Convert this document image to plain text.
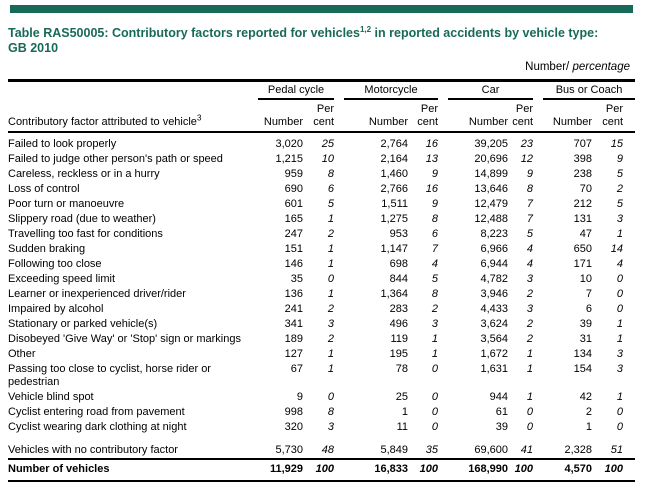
Table RAS50005: Contributory factors reported for vehicles$^{1,2}$ in reported accidents by vehicle type: GB 2010
Number/ percentage

	Pedal cycle		Motorcycle		Car		Bus or Coach	

Contributory factor attributed to vehicle$^3$	Number	Per cent	Number	Per cent	Number	Per cent	Number	Per cent
Failed to look properly	3,020	25	2,764	16	39,205	23	707	15
Failed to judge other person's path or speed	1,215	10	2,164	13	20,696	12	398	9
Careless, reckless or in a hurry	959	8	1,460	9	14,899	9	238	5
Loss of control	690	6	2,766	16	13,646	8	70	2
Poor turn or manoeuvre	601	5	1,511	9	12,479	7	212	5
Slippery road (due to weather)	165	1	1,275	8	12,488	7	131	3
Travelling too fast for conditions	247	2	953	6	8,223	5	47	1
Sudden braking	151	1	1,147	7	6,966	4	650	14
Following too close	146	1	698	4	6,944	4	171	4
Exceeding speed limit	35	0	844	5	4,782	3	10	0
Learner or inexperienced driver/rider	136	1	1,364	8	3,946	2	7	0
Impaired by alcohol	241	2	283	2	4,433	3	6	0
Stationary or parked vehicle(s)	341	3	496	3	3,624	2	39	1
Disobeyed 'Give Way' or 'Stop' sign or markings	189	2	119	1	3,564	2	31	1
Other	127	1	195	1	1,672	1	134	3
Passing too close to cyclist, horse rider or pedestrian	67	1	78	0	1,631	1	154	3
Vehicle blind spot	9	0	25	0	944	1	42	1
Cyclist entering road from pavement	998	8	1	0	61	0	2	0
Cyclist wearing dark clothing at night	320	3	11	0	39	0	1	0

Vehicles with no contributory factor	5,730	48	5,849	35	69,600	41	2,328	51
Number of vehicles	11,929	100	16,833	100	168,990	100	4,570	100
